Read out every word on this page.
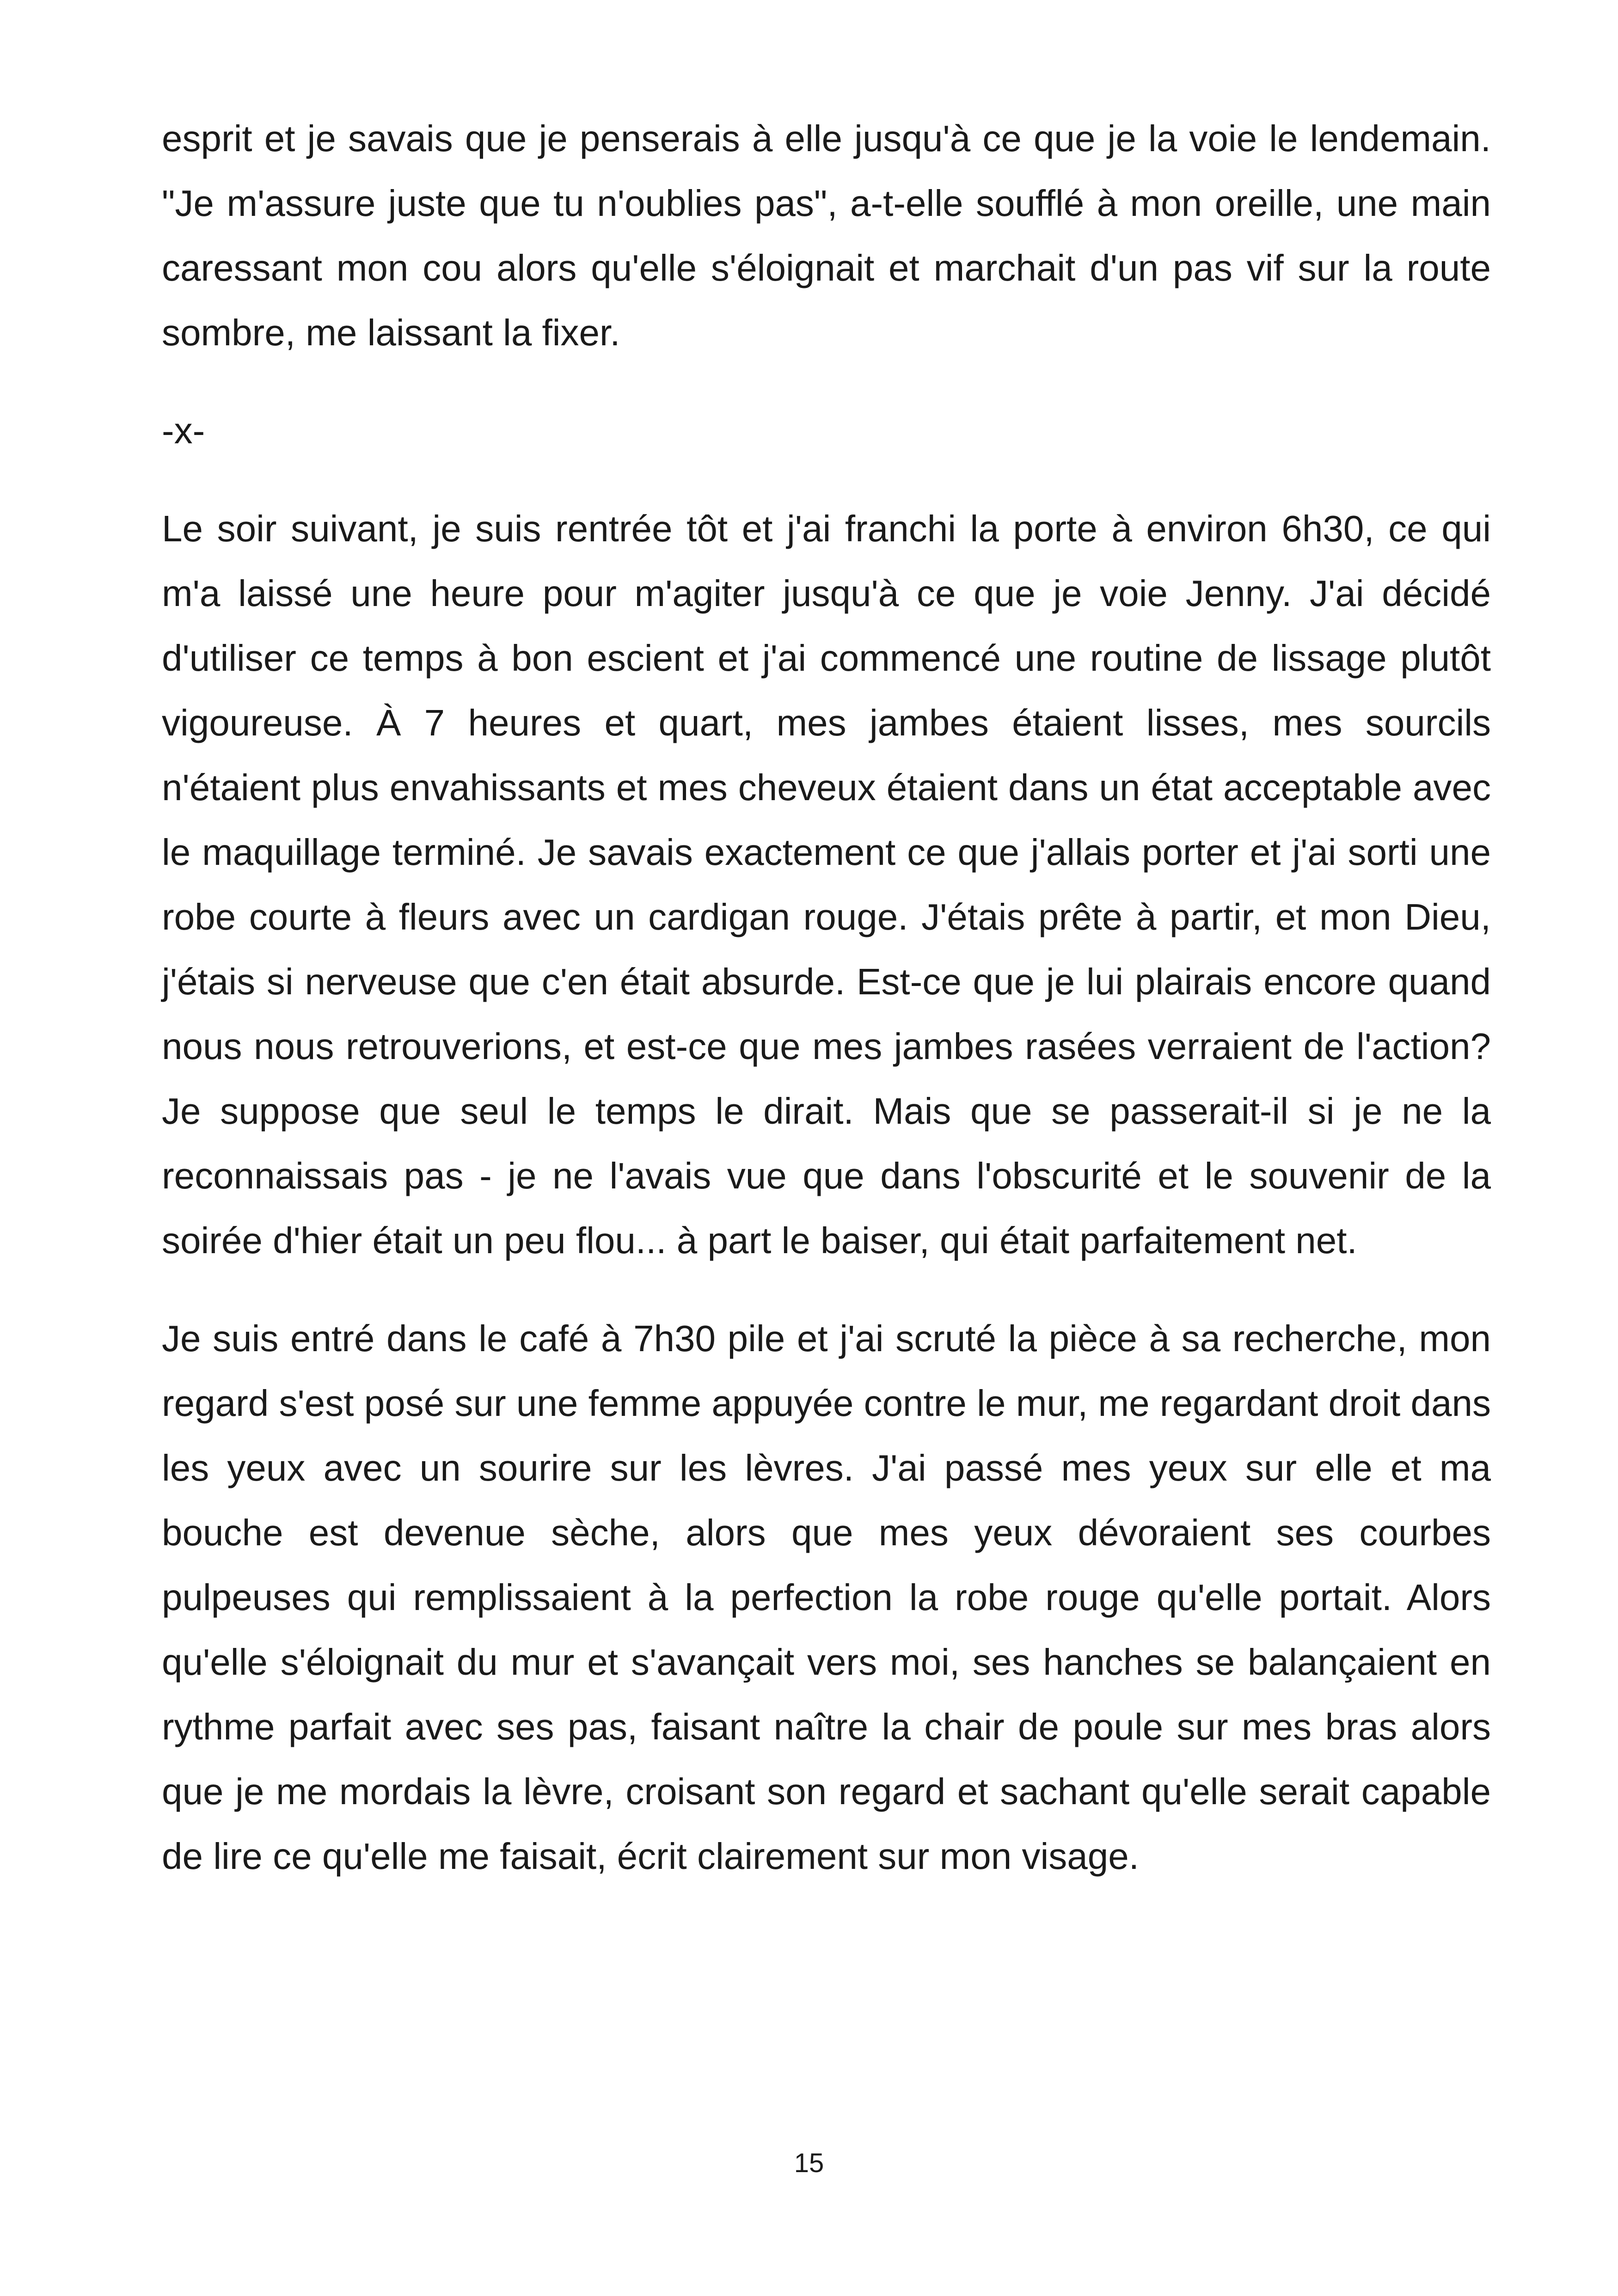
esprit et je savais que je penserais à elle jusqu'à ce que je la voie le lendemain. "Je m'assure juste que tu n'oublies pas", a-t-elle soufflé à mon oreille, une main caressant mon cou alors qu'elle s'éloignait et marchait d'un pas vif sur la route sombre, me laissant la fixer.

-x-

Le soir suivant, je suis rentrée tôt et j'ai franchi la porte à environ 6h30, ce qui m'a laissé une heure pour m'agiter jusqu'à ce que je voie Jenny. J'ai décidé d'utiliser ce temps à bon escient et j'ai commencé une routine de lissage plutôt vigoureuse. À 7 heures et quart, mes jambes étaient lisses, mes sourcils n'étaient plus envahissants et mes cheveux étaient dans un état acceptable avec le maquillage terminé. Je savais exactement ce que j'allais porter et j'ai sorti une robe courte à fleurs avec un cardigan rouge. J'étais prête à partir, et mon Dieu, j'étais si nerveuse que c'en était absurde. Est-ce que je lui plairais encore quand nous nous retrouverions, et est-ce que mes jambes rasées verraient de l'action? Je suppose que seul le temps le dirait. Mais que se passerait-il si je ne la reconnaissais pas - je ne l'avais vue que dans l'obscurité et le souvenir de la soirée d'hier était un peu flou... à part le baiser, qui était parfaitement net.

Je suis entré dans le café à 7h30 pile et j'ai scruté la pièce à sa recherche, mon regard s'est posé sur une femme appuyée contre le mur, me regardant droit dans les yeux avec un sourire sur les lèvres. J'ai passé mes yeux sur elle et ma bouche est devenue sèche, alors que mes yeux dévoraient ses courbes pulpeuses qui remplissaient à la perfection la robe rouge qu'elle portait. Alors qu'elle s'éloignait du mur et s'avançait vers moi, ses hanches se balançaient en rythme parfait avec ses pas, faisant naître la chair de poule sur mes bras alors que je me mordais la lèvre, croisant son regard et sachant qu'elle serait capable de lire ce qu'elle me faisait, écrit clairement sur mon visage.

15
